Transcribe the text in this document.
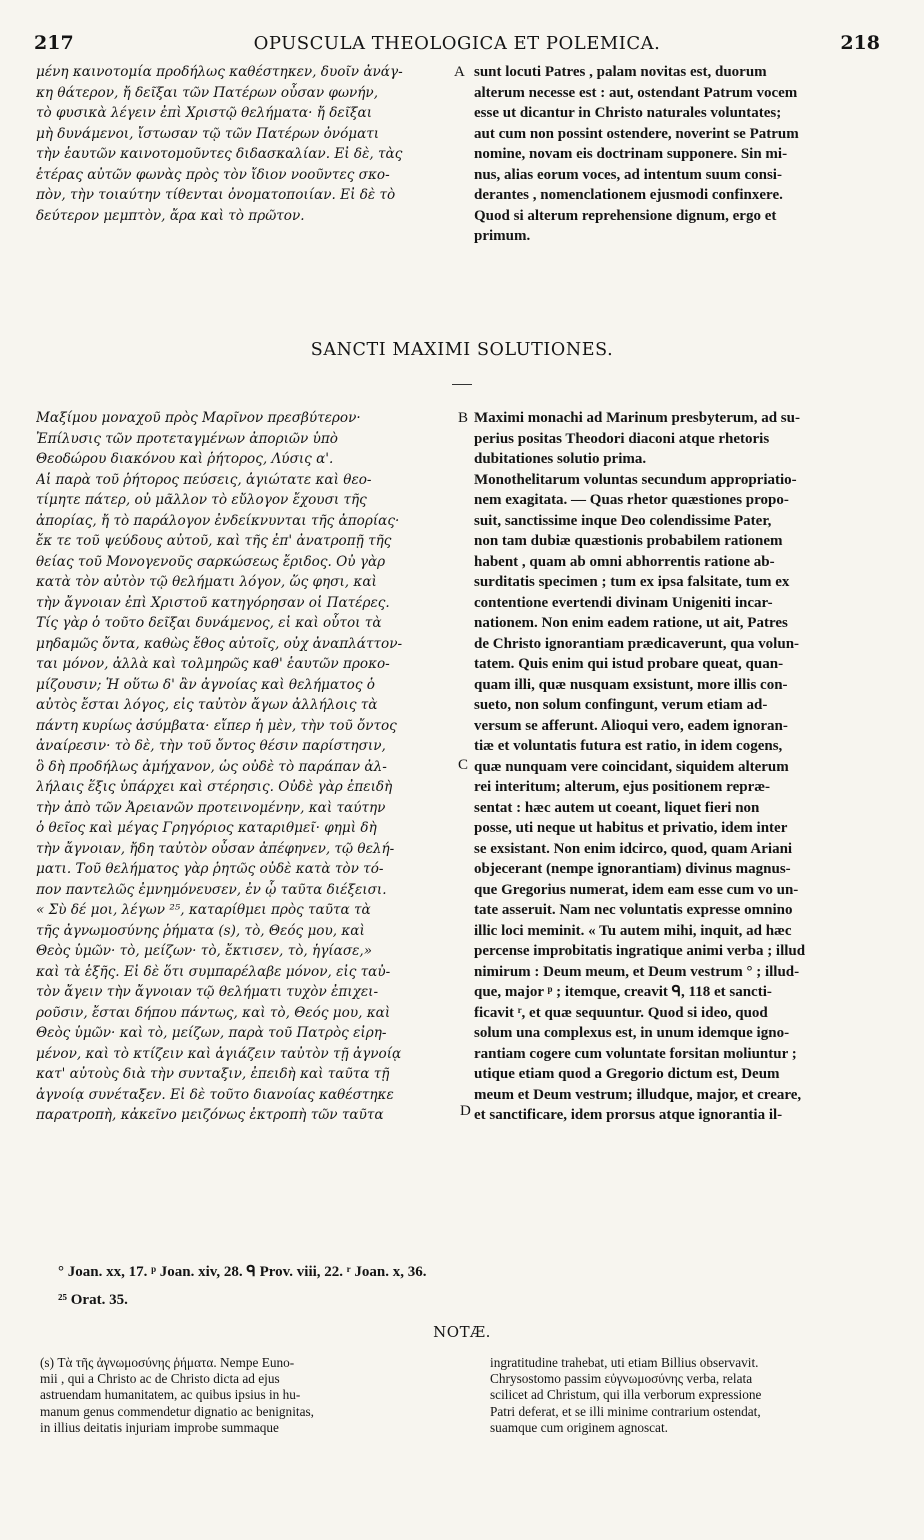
217	OPUSCULA THEOLOGICA ET POLEMICA.	218
μένη καινοτομία προδήλως καθέστηκεν, δυοῖν ἀνάγ-
κη θάτερον, ἤ δεῖξαι τῶν Πατέρων οὖσαν φωνήν,
τὸ φυσικὰ λέγειν ἐπὶ Χριστῷ θελήματα· ἤ δεῖξαι
μὴ δυνάμενοι, ἴστωσαν τῷ τῶν Πατέρων ὀνόματι
τὴν ἑαυτῶν καινοτομοῦντες διδασκαλίαν. Εἰ δὲ, τὰς
ἑτέρας αὐτῶν φωνὰς πρὸς τὸν ἴδιον νοοῦντες σκο-
πὸν, τὴν τοιαύτην τίθενται ὀνοματοποιίαν. Εἰ δὲ τὸ
δεύτερον μεμπτὸν, ἄρα καὶ τὸ πρῶτον.
A sunt locuti Patres , palam novitas est, duorum
alterum necesse est : aut, ostendant Patrum vocem
esse ut dicantur in Christo naturales voluntates;
aut cum non possint ostendere, noverint se Patrum
nomine, novam eis doctrinam supponere. Sin mi-
nus, alias eorum voces, ad intentum suum consi-
derantes , nomenclationem ejusmodi confinxere.
Quod si alterum reprehensione dignum, ergo et
primum.
SANCTI MAXIMI SOLUTIONES.
Μαξίμου μοναχοῦ πρὸς Μαρῖνον πρεσβύτερον·
Ἐπίλυσις τῶν προτεταγμένων ἀποριῶν ὑπὸ
Θεοδώρου διακόνου καὶ ῥήτορος, Λύσις α'.
Αἱ παρὰ τοῦ ῥήτορος πεύσεις, ἁγιώτατε καὶ θεο-
τίμητε πάτερ, οὐ μᾶλλον τὸ εὔλογον ἔχουσι τῆς
ἀπορίας, ἤ τὸ παράλογον ἐνδείκνυνται τῆς ἀπορίας·
ἔκ τε τοῦ ψεύδους αὐτοῦ, καὶ τῆς ἐπ' ἀνατροπῇ τῆς
θείας τοῦ Μονογενοῦς σαρκώσεως ἔριδος. Οὐ γὰρ
κατὰ τὸν αὐτὸν τῷ θελήματι λόγον, ὥς φησι, καὶ
τὴν ἄγνοιαν ἐπὶ Χριστοῦ κατηγόρησαν οἱ Πατέρες.
Τίς γὰρ ὁ τοῦτο δεῖξαι δυνάμενος, εἰ καὶ οὗτοι τὰ
μηδαμῶς ὄντα, καθὼς ἔθος αὐτοῖς, οὐχ ἀναπλάττον-
ται μόνον, ἀλλὰ καὶ τολμηρῶς καθ' ἑαυτῶν προκο-
μίζουσιν; Ἡ οὕτω δ' ἂν ἀγνοίας καὶ θελήματος ὁ
αὐτὸς ἔσται λόγος, εἰς ταὐτὸν ἄγων ἀλλήλοις τὰ
πάντη κυρίως ἀσύμβατα· εἴπερ ἡ μὲν, τὴν τοῦ ὄντος
ἀναίρεσιν· τὸ δὲ, τὴν τοῦ ὄντος θέσιν παρίστησιν,
ὃ δὴ προδήλως ἀμήχανον, ὡς οὐδὲ τὸ παράπαν ἀλ-
λήλαις ἕξις ὑπάρχει καὶ στέρησις. Οὐδὲ γὰρ ἐπειδὴ
τὴν ἀπὸ τῶν Ἀρειανῶν προτεινομένην, καὶ ταύτην
ὁ θεῖος καὶ μέγας Γρηγόριος καταριθμεῖ· φημὶ δὴ
τὴν ἄγνοιαν, ἤδη ταὐτὸν οὖσαν ἀπέφηνεν, τῷ θελή-
ματι. Τοῦ θελήματος γὰρ ῥητῶς οὐδὲ κατὰ τὸν τό-
πον παντελῶς ἐμνημόνευσεν, ἐν ᾧ ταῦτα διέξεισι.
« Σὺ δέ μοι, λέγων ²⁵, καταρίθμει πρὸς ταῦτα τὰ
τῆς ἀγνωμοσύνης ῥήματα (s), τὸ, Θεός μου, καὶ
Θεὸς ὑμῶν· τὸ, μείζων· τὸ, ἔκτισεν, τὸ, ἡγίασε,»
καὶ τὰ ἑξῆς. Εἰ δὲ ὅτι συμπαρέλαβε μόνον, εἰς ταὐ-
τὸν ἄγειν τὴν ἄγνοιαν τῷ θελήματι τυχὸν ἐπιχει-
ροῦσιν, ἔσται δήπου πάντως, καὶ τὸ, Θεός μου, καὶ
Θεὸς ὑμῶν· καὶ τὸ, μείζων, παρὰ τοῦ Πατρὸς εἰρη-
μένον, καὶ τὸ κτίζειν καὶ ἁγιάζειν ταὐτὸν τῇ ἀγνοίᾳ
κατ' αὐτοὺς διὰ τὴν συνταξιν, ἐπειδὴ καὶ ταῦτα τῇ
ἀγνοίᾳ συνέταξεν. Εἰ δὲ τοῦτο διανοίας καθέστηκε
παρατροπὴ, κἀκεῖνο μειζόνως ἐκτροπὴ τῶν ταῦτα
B
C
D
Maximi monachi ad Marinum presbyterum, ad su-
perius positas Theodori diaconi atque rhetoris
dubitationes solutio prima.
Monothelitarum voluntas secundum appropriatio-
nem exagitata. — Quas rhetor quæstiones propo-
suit, sanctissime inque Deo colendissime Pater,
non tam dubiæ quæstionis probabilem rationem
habent , quam ab omni abhorrentis ratione ab-
surditatis specimen ; tum ex ipsa falsitate, tum ex
contentione evertendi divinam Unigeniti incar-
nationem. Non enim eadem ratione, ut ait, Patres
de Christo ignorantiam prædicaverunt, qua volun-
tatem. Quis enim qui istud probare queat, quan-
quam illi, quæ nusquam exsistunt, more illis con-
sueto, non solum confingunt, verum etiam ad-
versum se afferunt. Alioqui vero, eadem ignoran-
tiæ et voluntatis futura est ratio, in idem cogens,
quæ nunquam vere coincidant, siquidem alterum
rei interitum; alterum, ejus positionem repræ-
sentat : hæc autem ut coeant, liquet fieri non
posse, uti neque ut habitus et privatio, idem inter
se exsistant. Non enim idcirco, quod, quam Ariani
objecerant (nempe ignorantiam) divinus magnus-
que Gregorius numerat, idem eam esse cum vo un-
tate asseruit. Nam nec voluntatis expresse omnino
illic loci meminit. « Tu autem mihi, inquit, ad hæc
percense improbitatis ingratique animi verba ; illud
nimirum : Deum meum, et Deum vestrum ° ; illud-
que, major ᵖ ; itemque, creavit ᑫ, 118 et sancti-
ficavit ʳ, et quæ sequuntur. Quod si ideo, quod
solum una complexus est, in unum idemque igno-
rantiam cogere cum voluntate forsitan moliuntur ;
utique etiam quod a Gregorio dictum est, Deum
meum et Deum vestrum; illudque, major, et creare,
et sanctificare, idem prorsus atque ignorantia il-
° Joan. xx, 17. ᵖ Joan. xiv, 28. ᑫ Prov. viii, 22. ʳ Joan. x, 36.
²⁵ Orat. 35.
NOTÆ.
(s) Τὰ τῆς ἀγνωμοσύνης ῥήματα. Nempe Euno-
mii , qui a Christo ac de Christo dicta ad ejus
astruendam humanitatem, ac quibus ipsius in hu-
manum genus commendetur dignatio ac benignitas,
in illius deitatis injuriam improbe summaque
ingratitudine trahebat, uti etiam Billius observavit.
Chrysostomo passim εὐγνωμοσύνης verba, relata
scilicet ad Christum, qui illa verborum expressione
Patri deferat, et se illi minime contrarium ostendat,
suamque cum originem agnoscat.
